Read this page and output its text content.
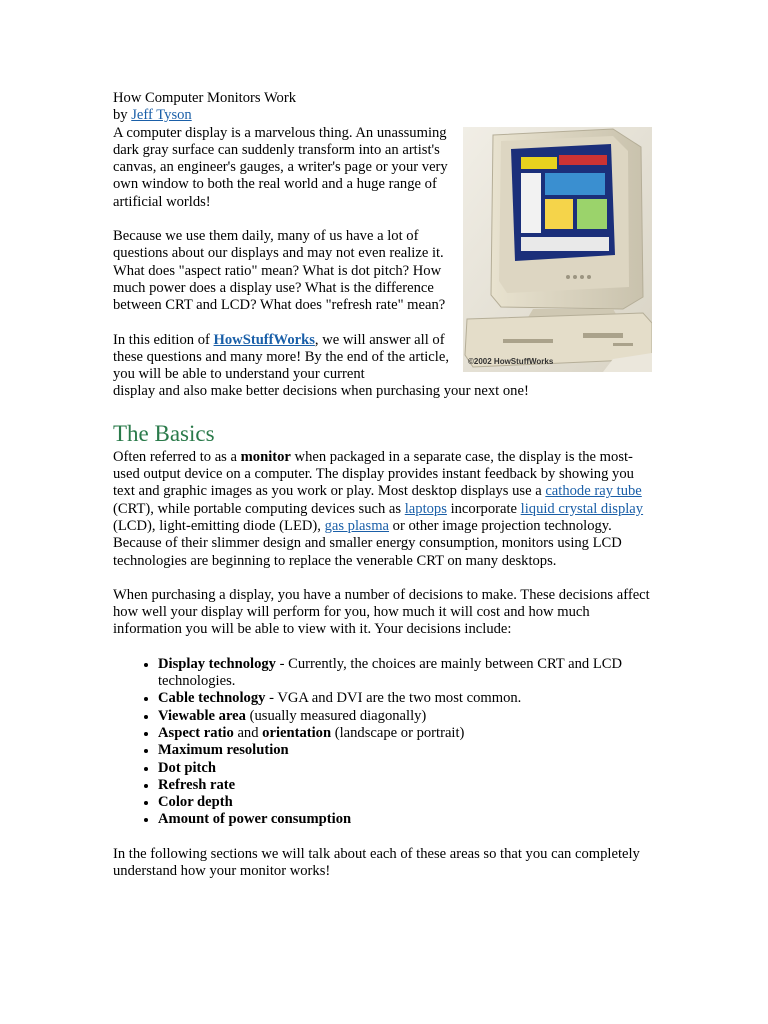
©2002 HowStuffWorks

How Computer Monitors Work

by Jeff Tyson

A computer display is a marvelous thing. An unassuming dark gray surface can suddenly transform into an artist's canvas, an engineer's gauges, a writer's page or your very own window to both the real world and a huge range of artificial worlds!

Because we use them daily, many of us have a lot of questions about our displays and may not even realize it. What does "aspect ratio" mean? What is dot pitch? How much power does a display use? What is the difference between CRT and LCD? What does "refresh rate" mean?

In this edition of HowStuffWorks, we will answer all of these questions and many more! By the end of the article, you will be able to understand your current

display and also make better decisions when purchasing your next one!

The Basics

Often referred to as a monitor when packaged in a separate case, the display is the most-used output device on a computer. The display provides instant feedback by showing you text and graphic images as you work or play. Most desktop displays use a cathode ray tube (CRT), while portable computing devices such as laptops incorporate liquid crystal display (LCD), light-emitting diode (LED), gas plasma or other image projection technology. Because of their slimmer design and smaller energy consumption, monitors using LCD technologies are beginning to replace the venerable CRT on many desktops.

When purchasing a display, you have a number of decisions to make. These decisions affect how well your display will perform for you, how much it will cost and how much information you will be able to view with it. Your decisions include:

• Display technology - Currently, the choices are mainly between CRT and LCD technologies.
• Cable technology - VGA and DVI are the two most common.
• Viewable area (usually measured diagonally)
• Aspect ratio and orientation (landscape or portrait)
• Maximum resolution
• Dot pitch
• Refresh rate
• Color depth
• Amount of power consumption

In the following sections we will talk about each of these areas so that you can completely understand how your monitor works!
